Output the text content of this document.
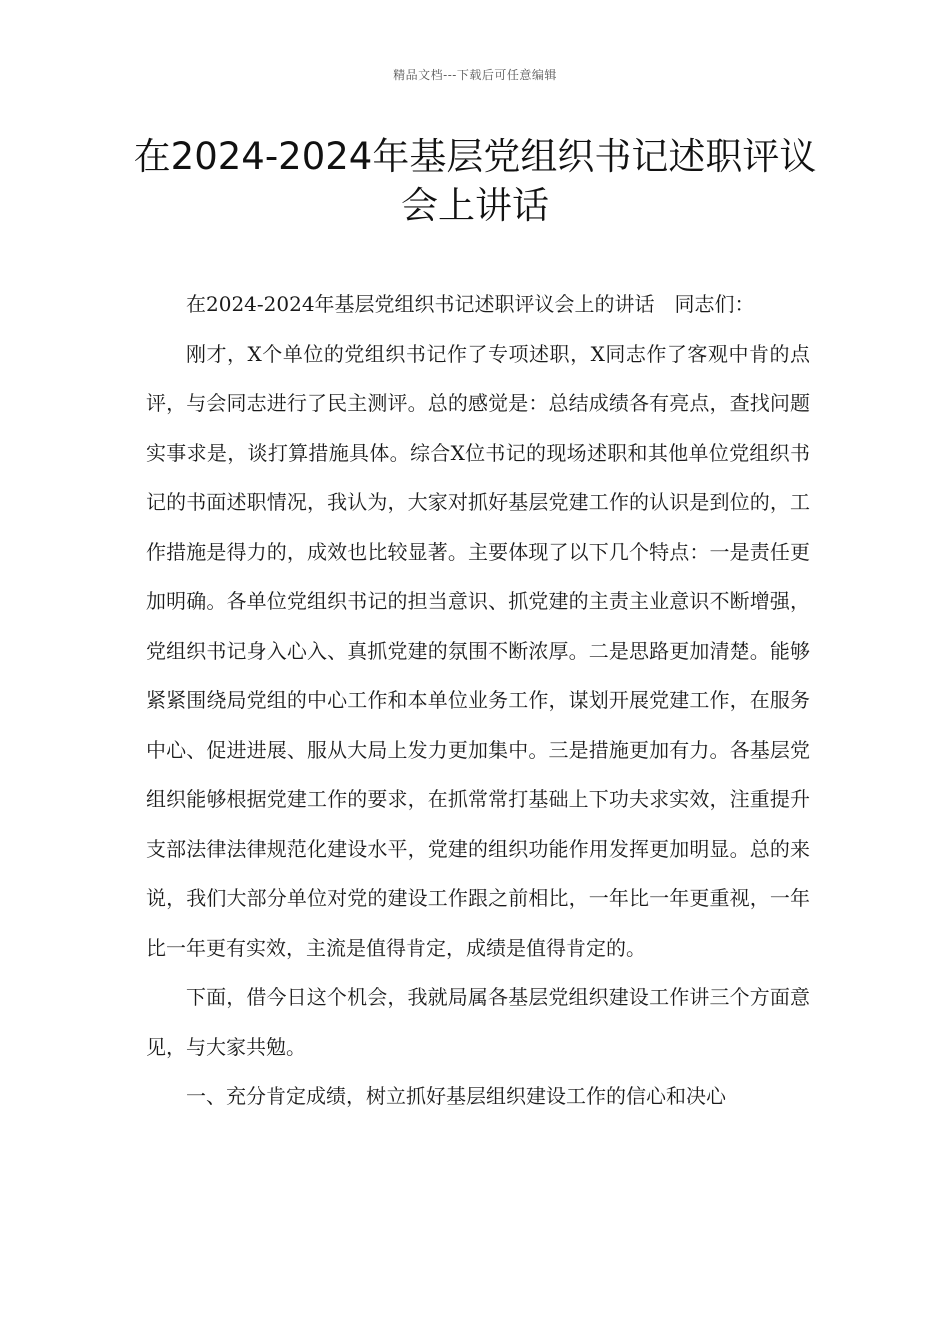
精品文档---下载后可任意编辑
在2024-2024年基层党组织书记述职评议会上讲话

在2024-2024年基层党组织书记述职评议会上的讲话　同志们：

刚才，X个单位的党组织书记作了专项述职，X同志作了客观中肯的点评，与会同志进行了民主测评。总的感觉是：总结成绩各有亮点，查找问题实事求是，谈打算措施具体。综合X位书记的现场述职和其他单位党组织书记的书面述职情况，我认为，大家对抓好基层党建工作的认识是到位的，工作措施是得力的，成效也比较显著。主要体现了以下几个特点：一是责任更加明确。各单位党组织书记的担当意识、抓党建的主责主业意识不断增强，党组织书记身入心入、真抓党建的氛围不断浓厚。二是思路更加清楚。能够紧紧围绕局党组的中心工作和本单位业务工作，谋划开展党建工作，在服务中心、促进进展、服从大局上发力更加集中。三是措施更加有力。各基层党组织能够根据党建工作的要求，在抓常常打基础上下功夫求实效，注重提升支部法律法律规范化建设水平，党建的组织功能作用发挥更加明显。总的来说，我们大部分单位对党的建设工作跟之前相比，一年比一年更重视，一年比一年更有实效，主流是值得肯定，成绩是值得肯定的。

下面，借今日这个机会，我就局属各基层党组织建设工作讲三个方面意见，与大家共勉。

一、充分肯定成绩，树立抓好基层组织建设工作的信心和决心
